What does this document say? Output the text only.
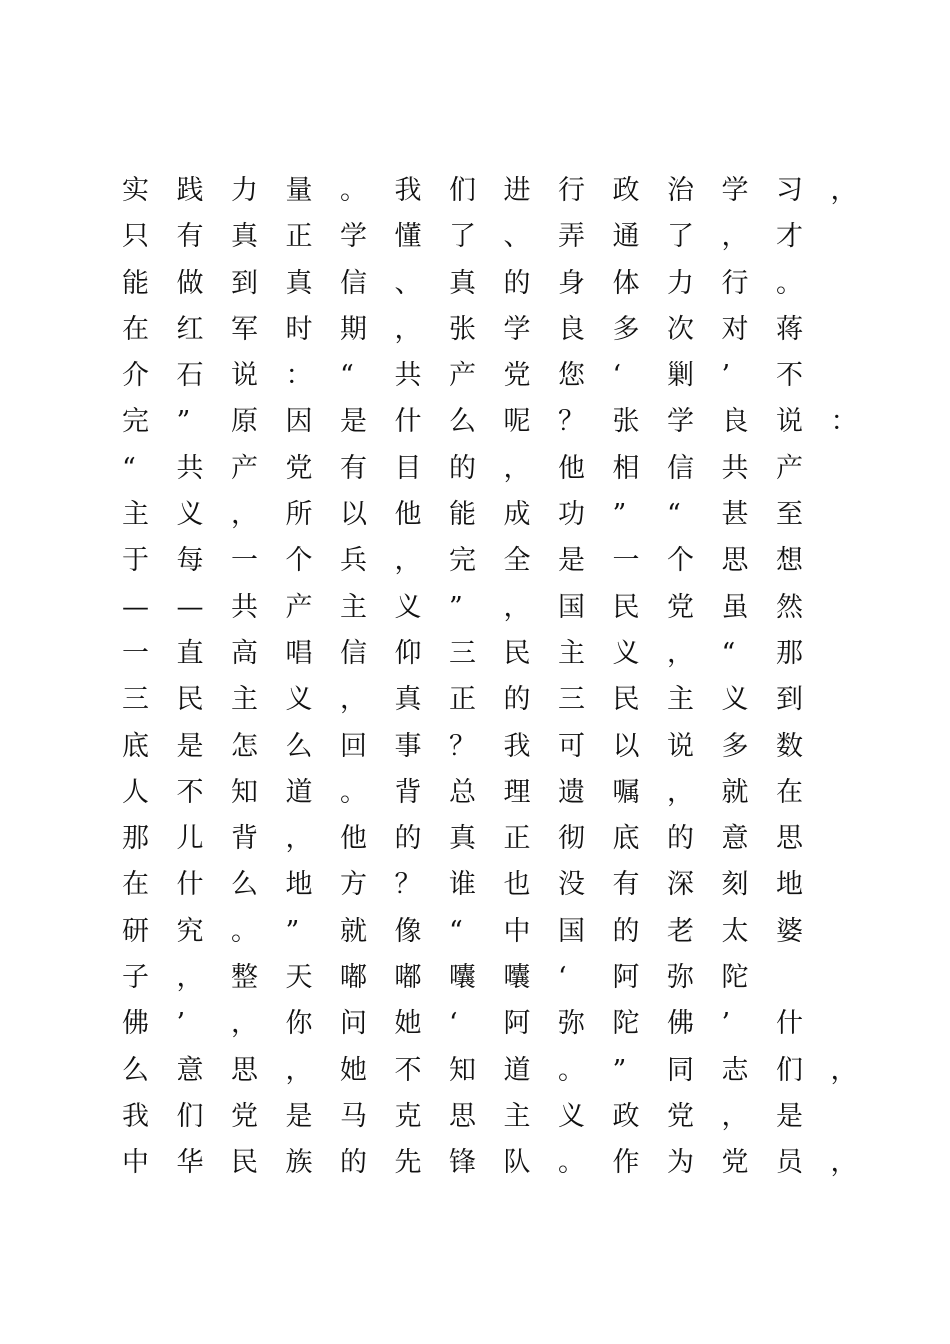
实 践 力 量 。 我 们 进 行 政 治 学 习 ，
只 有 真 正 学 懂 了 、 弄 通 了 ， 才
能 做 到 真 信 、 真 的 身 体 力 行 。
在 红 军 时 期 ， 张 学 良 多 次 对 蒋
介 石 说 ： “ 共 产 党 您 ‘ 剿 ’ 不
完 ” 原 因 是 什 么 呢 ？ 张 学 良 说 ：
“ 共 产 党 有 目 的 ， 他 相 信 共 产
主 义 ， 所 以 他 能 成 功 ” “ 甚 至
于 每 一 个 兵 ， 完 全 是 一 个 思 想
— — 共 产 主 义 ” ， 国 民 党 虽 然
一 直 高 唱 信 仰 三 民 主 义 ， “ 那
三 民 主 义 ， 真 正 的 三 民 主 义 到
底 是 怎 么 回 事 ？ 我 可 以 说 多 数
人 不 知 道 。 背 总 理 遗 嘱 ， 就 在
那 儿 背 ， 他 的 真 正 彻 底 的 意 思
在 什 么 地 方 ？ 谁 也 没 有 深 刻 地
研 究 。 ” 就 像 “ 中 国 的 老 太 婆
子 ， 整 天 嘟 嘟 囔 囔 ‘ 阿 弥 陀
佛 ’ ， 你 问 她 ‘ 阿 弥 陀 佛 ’ 什
么 意 思 ， 她 不 知 道 。 ” 同 志 们 ，
我 们 党 是 马 克 思 主 义 政 党 ， 是
中 华 民 族 的 先 锋 队 。 作 为 党 员 ，
